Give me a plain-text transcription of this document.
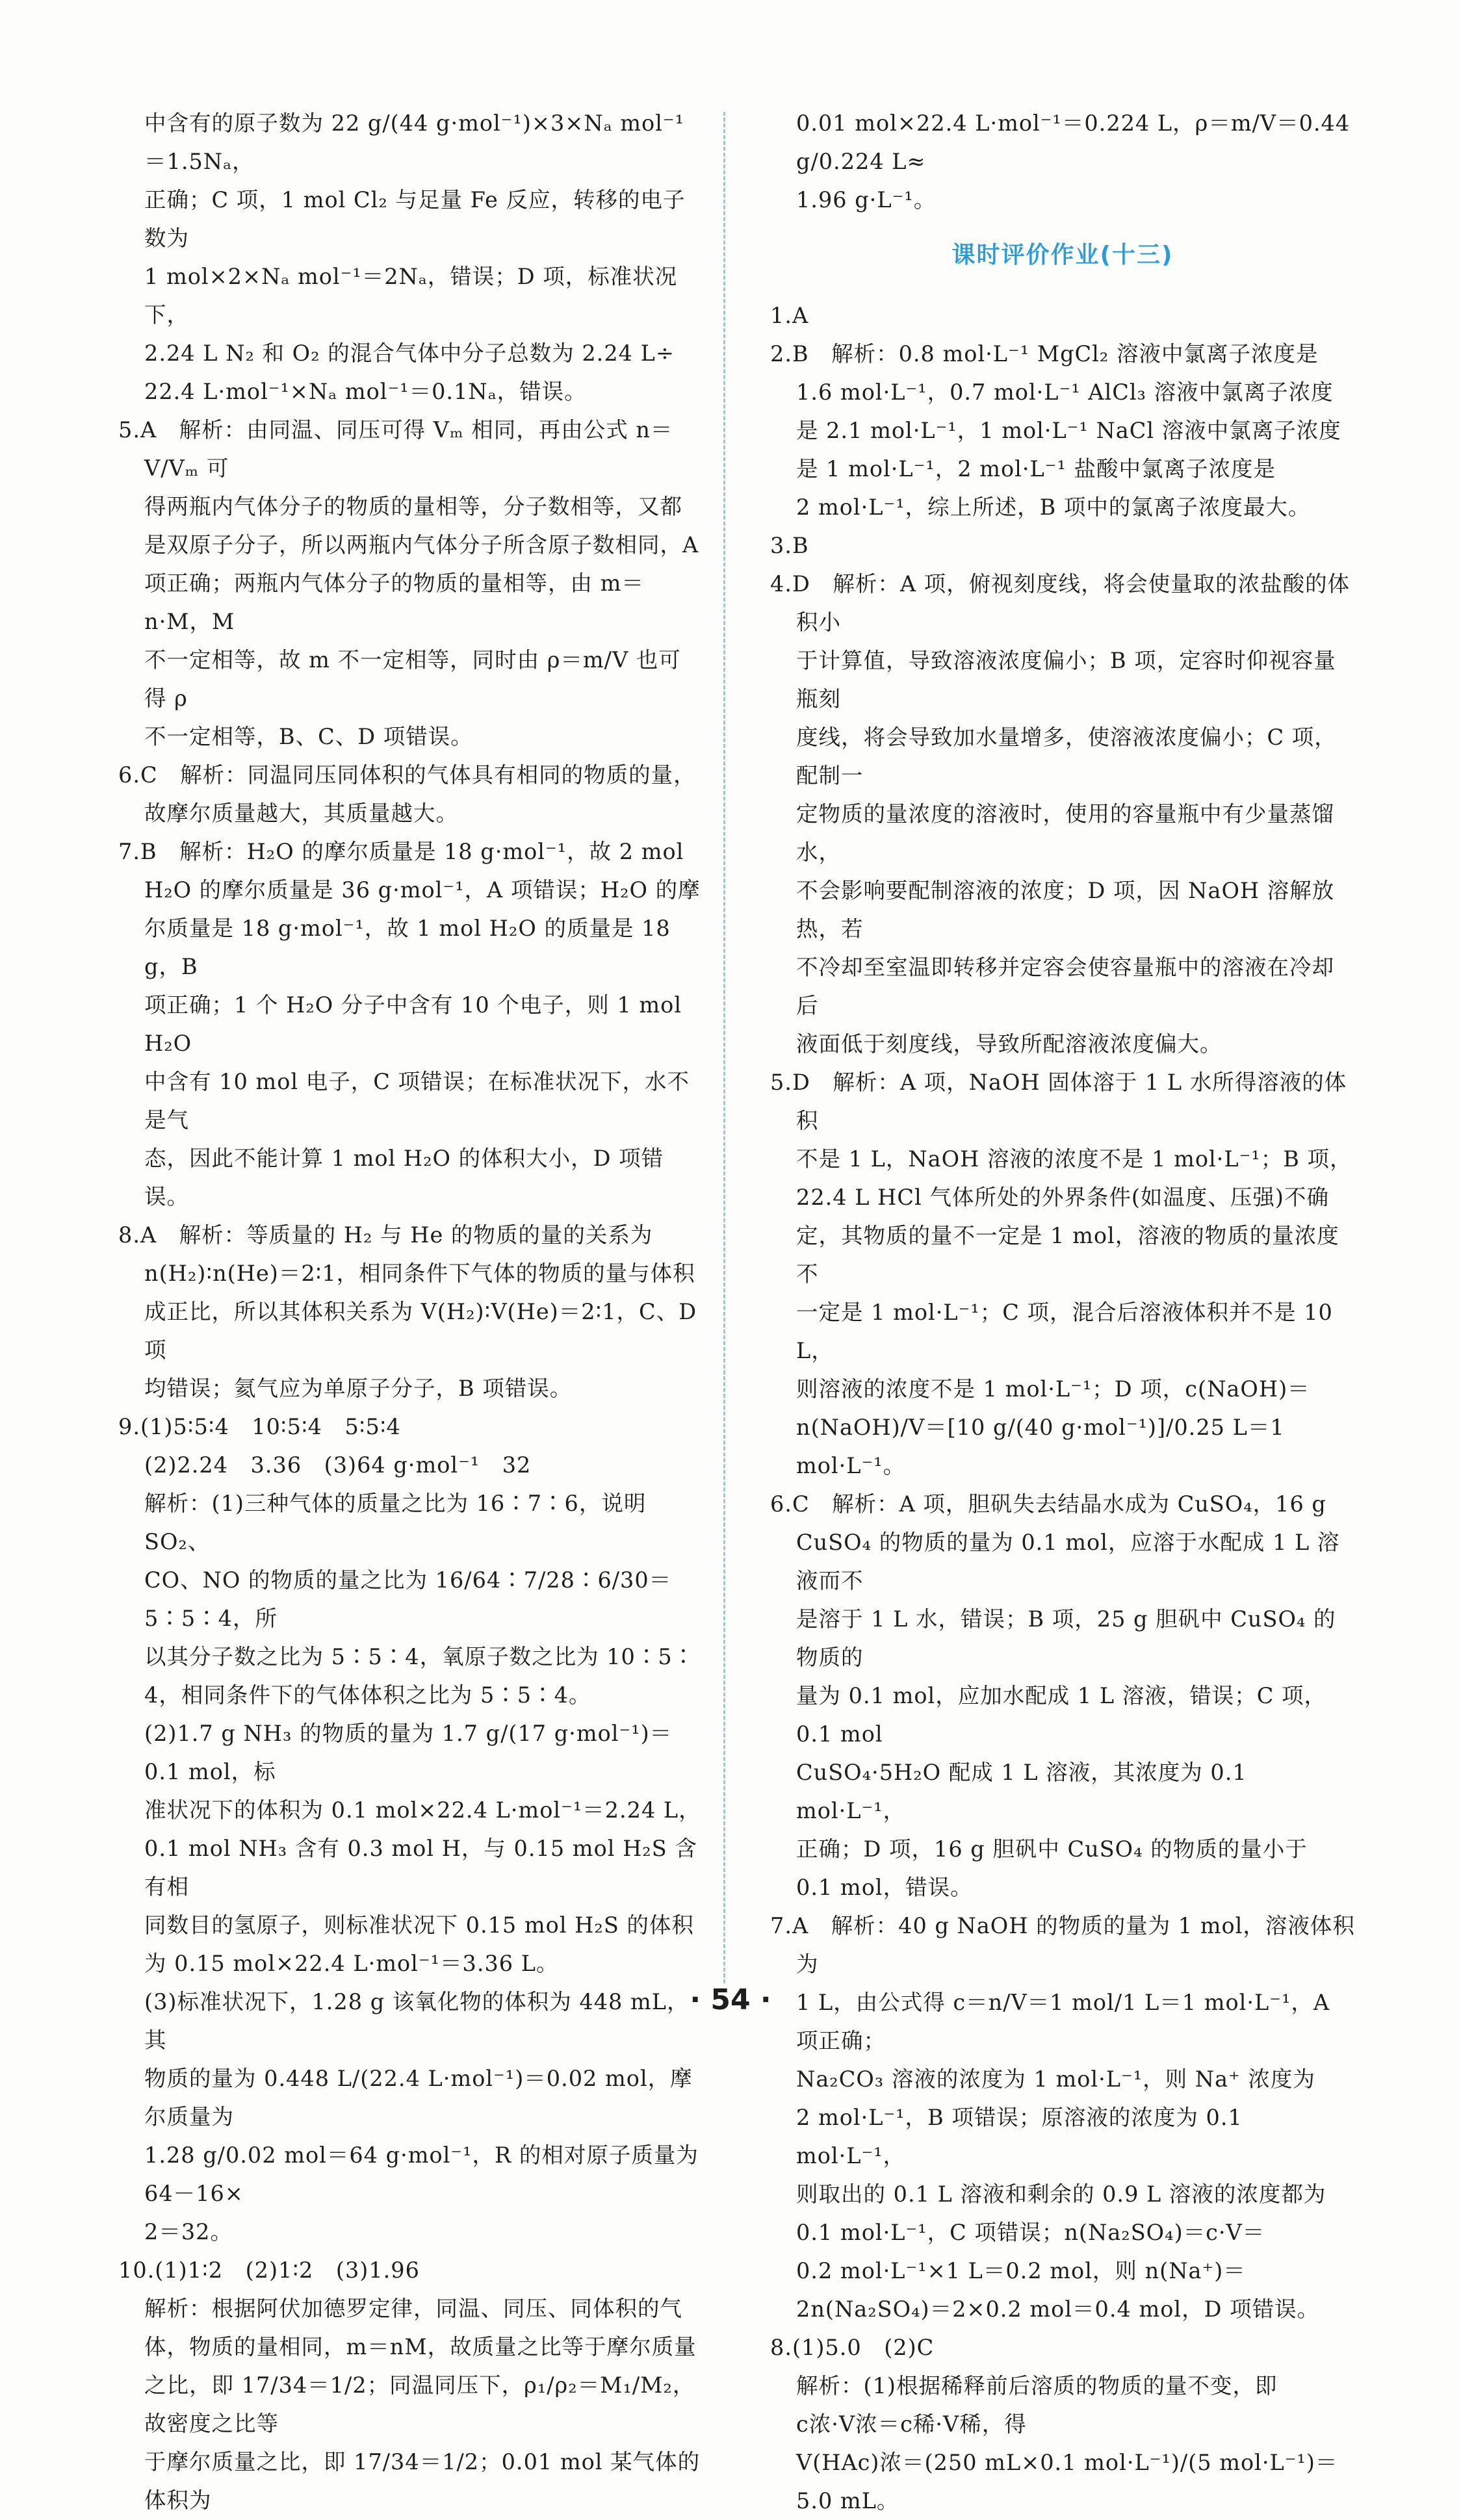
中含有的原子数为 22 g/(44 g·mol⁻¹)×3×Nₐ mol⁻¹＝1.5Nₐ，

正确；C 项，1 mol Cl₂ 与足量 Fe 反应，转移的电子数为

1 mol×2×Nₐ mol⁻¹＝2Nₐ，错误；D 项，标准状况下，

2.24 L N₂ 和 O₂ 的混合气体中分子总数为 2.24 L÷

22.4 L·mol⁻¹×Nₐ mol⁻¹＝0.1Nₐ，错误。

5.A　解析：由同温、同压可得 Vₘ 相同，再由公式 n＝V/Vₘ 可

得两瓶内气体分子的物质的量相等，分子数相等，又都

是双原子分子，所以两瓶内气体分子所含原子数相同，A

项正确；两瓶内气体分子的物质的量相等，由 m＝n·M，M

不一定相等，故 m 不一定相等，同时由 ρ＝m/V 也可得 ρ

不一定相等，B、C、D 项错误。

6.C　解析：同温同压同体积的气体具有相同的物质的量，

故摩尔质量越大，其质量越大。

7.B　解析：H₂O 的摩尔质量是 18 g·mol⁻¹，故 2 mol

H₂O 的摩尔质量是 36 g·mol⁻¹，A 项错误；H₂O 的摩

尔质量是 18 g·mol⁻¹，故 1 mol H₂O 的质量是 18 g，B

项正确；1 个 H₂O 分子中含有 10 个电子，则 1 mol H₂O

中含有 10 mol 电子，C 项错误；在标准状况下，水不是气

态，因此不能计算 1 mol H₂O 的体积大小，D 项错误。

8.A　解析：等质量的 H₂ 与 He 的物质的量的关系为

n(H₂)∶n(He)＝2∶1，相同条件下气体的物质的量与体积

成正比，所以其体积关系为 V(H₂)∶V(He)＝2∶1，C、D 项

均错误；氦气应为单原子分子，B 项错误。

9.(1)5∶5∶4　10∶5∶4　5∶5∶4

(2)2.24　3.36　(3)64 g·mol⁻¹　32

解析：(1)三种气体的质量之比为 16∶7∶6，说明 SO₂、

CO、NO 的物质的量之比为 16/64∶7/28∶6/30＝5∶5∶4，所

以其分子数之比为 5∶5∶4，氧原子数之比为 10∶5∶

4，相同条件下的气体体积之比为 5∶5∶4。

(2)1.7 g NH₃ 的物质的量为 1.7 g/(17 g·mol⁻¹)＝0.1 mol，标

准状况下的体积为 0.1 mol×22.4 L·mol⁻¹＝2.24 L，

0.1 mol NH₃ 含有 0.3 mol H，与 0.15 mol H₂S 含有相

同数目的氢原子，则标准状况下 0.15 mol H₂S 的体积

为 0.15 mol×22.4 L·mol⁻¹＝3.36 L。

(3)标准状况下，1.28 g 该氧化物的体积为 448 mL，其

物质的量为 0.448 L/(22.4 L·mol⁻¹)＝0.02 mol，摩尔质量为

1.28 g/0.02 mol＝64 g·mol⁻¹，R 的相对原子质量为 64－16×

2＝32。

10.(1)1∶2　(2)1∶2　(3)1.96

解析：根据阿伏加德罗定律，同温、同压、同体积的气

体，物质的量相同，m＝nM，故质量之比等于摩尔质量

之比，即 17/34＝1/2；同温同压下，ρ₁/ρ₂＝M₁/M₂，故密度之比等

于摩尔质量之比，即 17/34＝1/2；0.01 mol 某气体的体积为

0.01 mol×22.4 L·mol⁻¹＝0.224 L，ρ＝m/V＝0.44 g/0.224 L≈

1.96 g·L⁻¹。

课时评价作业(十三)

1.A

2.B　解析：0.8 mol·L⁻¹ MgCl₂ 溶液中氯离子浓度是

1.6 mol·L⁻¹，0.7 mol·L⁻¹ AlCl₃ 溶液中氯离子浓度

是 2.1 mol·L⁻¹，1 mol·L⁻¹ NaCl 溶液中氯离子浓度

是 1 mol·L⁻¹，2 mol·L⁻¹ 盐酸中氯离子浓度是

2 mol·L⁻¹，综上所述，B 项中的氯离子浓度最大。

3.B

4.D　解析：A 项，俯视刻度线，将会使量取的浓盐酸的体积小

于计算值，导致溶液浓度偏小；B 项，定容时仰视容量瓶刻

度线，将会导致加水量增多，使溶液浓度偏小；C 项，配制一

定物质的量浓度的溶液时，使用的容量瓶中有少量蒸馏水，

不会影响要配制溶液的浓度；D 项，因 NaOH 溶解放热，若

不冷却至室温即转移并定容会使容量瓶中的溶液在冷却后

液面低于刻度线，导致所配溶液浓度偏大。

5.D　解析：A 项，NaOH 固体溶于 1 L 水所得溶液的体积

不是 1 L，NaOH 溶液的浓度不是 1 mol·L⁻¹；B 项，

22.4 L HCl 气体所处的外界条件(如温度、压强)不确

定，其物质的量不一定是 1 mol，溶液的物质的量浓度不

一定是 1 mol·L⁻¹；C 项，混合后溶液体积并不是 10 L，

则溶液的浓度不是 1 mol·L⁻¹；D 项，c(NaOH)＝

n(NaOH)/V＝[10 g/(40 g·mol⁻¹)]/0.25 L＝1 mol·L⁻¹。

6.C　解析：A 项，胆矾失去结晶水成为 CuSO₄，16 g

CuSO₄ 的物质的量为 0.1 mol，应溶于水配成 1 L 溶液而不

是溶于 1 L 水，错误；B 项，25 g 胆矾中 CuSO₄ 的物质的

量为 0.1 mol，应加水配成 1 L 溶液，错误；C 项，0.1 mol

CuSO₄·5H₂O 配成 1 L 溶液，其浓度为 0.1 mol·L⁻¹，

正确；D 项，16 g 胆矾中 CuSO₄ 的物质的量小于

0.1 mol，错误。

7.A　解析：40 g NaOH 的物质的量为 1 mol，溶液体积为

1 L，由公式得 c＝n/V＝1 mol/1 L＝1 mol·L⁻¹，A 项正确；

Na₂CO₃ 溶液的浓度为 1 mol·L⁻¹，则 Na⁺ 浓度为

2 mol·L⁻¹，B 项错误；原溶液的浓度为 0.1 mol·L⁻¹，

则取出的 0.1 L 溶液和剩余的 0.9 L 溶液的浓度都为

0.1 mol·L⁻¹，C 项错误；n(Na₂SO₄)＝c·V＝

0.2 mol·L⁻¹×1 L＝0.2 mol，则 n(Na⁺)＝

2n(Na₂SO₄)＝2×0.2 mol＝0.4 mol，D 项错误。

8.(1)5.0　(2)C

解析：(1)根据稀释前后溶质的物质的量不变，即

c浓·V浓＝c稀·V稀，得

V(HAc)浓＝(250 mL×0.1 mol·L⁻¹)/(5 mol·L⁻¹)＝5.0 mL。

· 54 ·
